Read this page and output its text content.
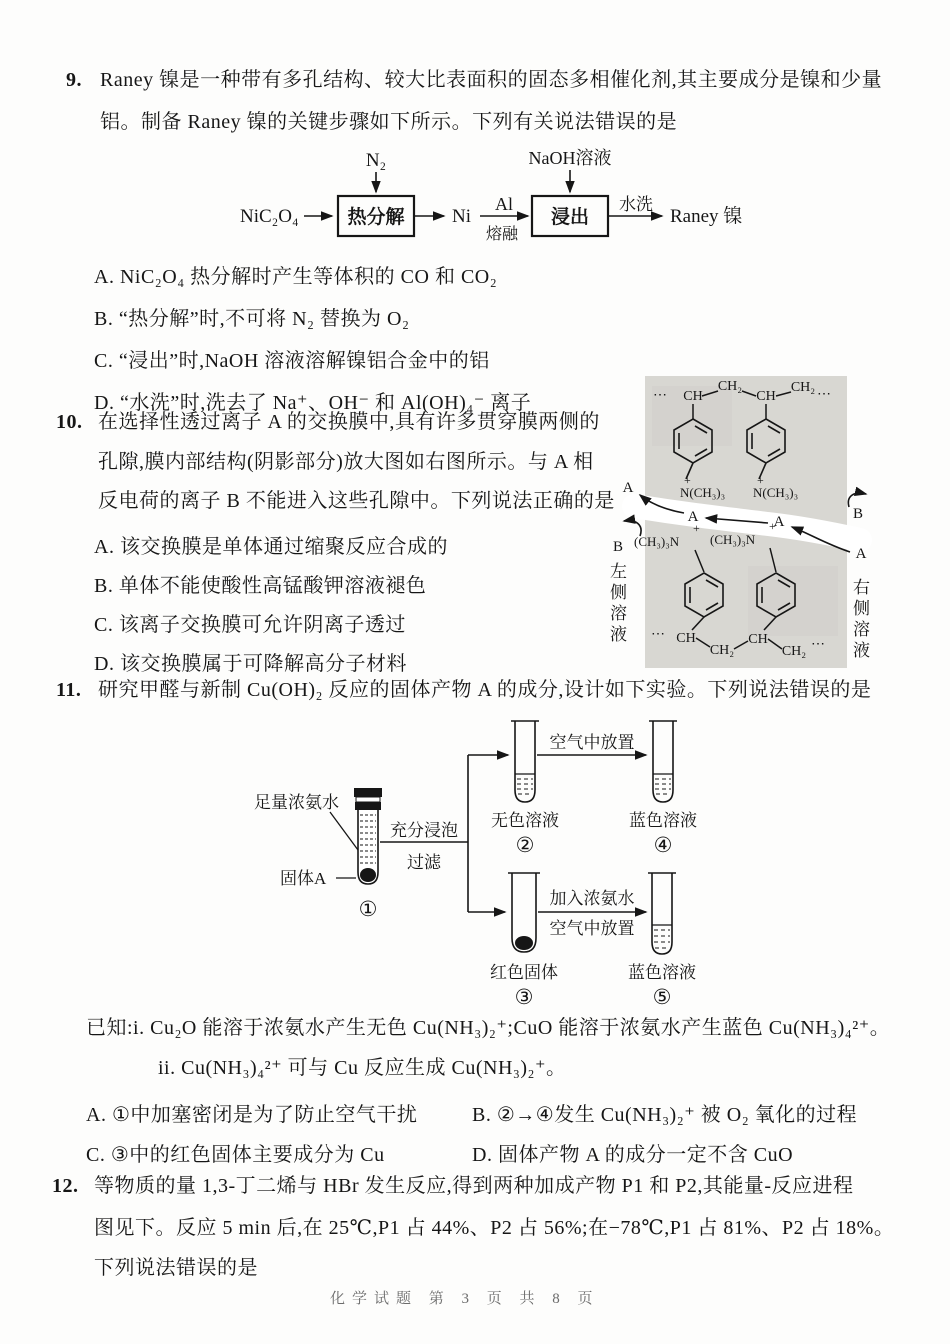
9. Raney 镍是一种带有多孔结构、较大比表面积的固态多相催化剂,其主要成分是镍和少量
铝。制备 Raney 镍的关键步骤如下所示。下列有关说法错误的是
NiC₂O₄	热分解
N₂
Ni
Al
熔融
浸出
NaOH溶液
水洗
Raney 镍
A. NiC₂O₄ 热分解时产生等体积的 CO 和 CO₂
B. “热分解”时,不可将 N₂ 替换为 O₂
C. “浸出”时,NaOH 溶液溶解镍铝合金中的铝
D. “水洗”时,洗去了 Na⁺、OH⁻ 和 Al(OH)₄⁻ 离子
10. 在选择性透过离子 A 的交换膜中,具有许多贯穿膜两侧的
孔隙,膜内部结构(阴影部分)放大图如右图所示。与 A 相
反电荷的离子 B 不能进入这些孔隙中。下列说法正确的是
A. 该交换膜是单体通过缩聚反应合成的
B. 单体不能使酸性高锰酸钾溶液褪色
C. 该离子交换膜可允许阴离子透过
D. 该交换膜属于可降解高分子材料
⋯ CH
CH₂
CH
CH₂ ⋯
+
N(CH₃)₃
+
N(CH₃)₃
A	A
A
A
B
B
(CH₃)₃N
+
(CH₃)₃N
+
⋯ CH
CH₂
CH
CH₂ ⋯
左侧溶液	右侧溶液
11. 研究甲醛与新制 Cu(OH)₂ 反应的固体产物 A 的成分,设计如下实验。下列说法错误的是
足量浓氨水
固体A
①
充分浸泡
过滤
空气中放置
无色溶液
②
蓝色溶液
④
加入浓氨水
空气中放置
红色固体
③
蓝色溶液
⑤
已知:i. Cu₂O 能溶于浓氨水产生无色 Cu(NH₃)₂⁺;CuO 能溶于浓氨水产生蓝色 Cu(NH₃)₄²⁺。
ii. Cu(NH₃)₄²⁺ 可与 Cu 反应生成 Cu(NH₃)₂⁺。
A. ①中加塞密闭是为了防止空气干扰	B. ②→④发生 Cu(NH₃)₂⁺ 被 O₂ 氧化的过程
C. ③中的红色固体主要成分为 Cu	D. 固体产物 A 的成分一定不含 CuO
12. 等物质的量 1,3-丁二烯与 HBr 发生反应,得到两种加成产物 P1 和 P2,其能量-反应进程
图见下。反应 5 min 后,在 25℃,P1 占 44%、P2 占 56%;在−78℃,P1 占 81%、P2 占 18%。
下列说法错误的是
化学试题 第 3 页 共 8 页
